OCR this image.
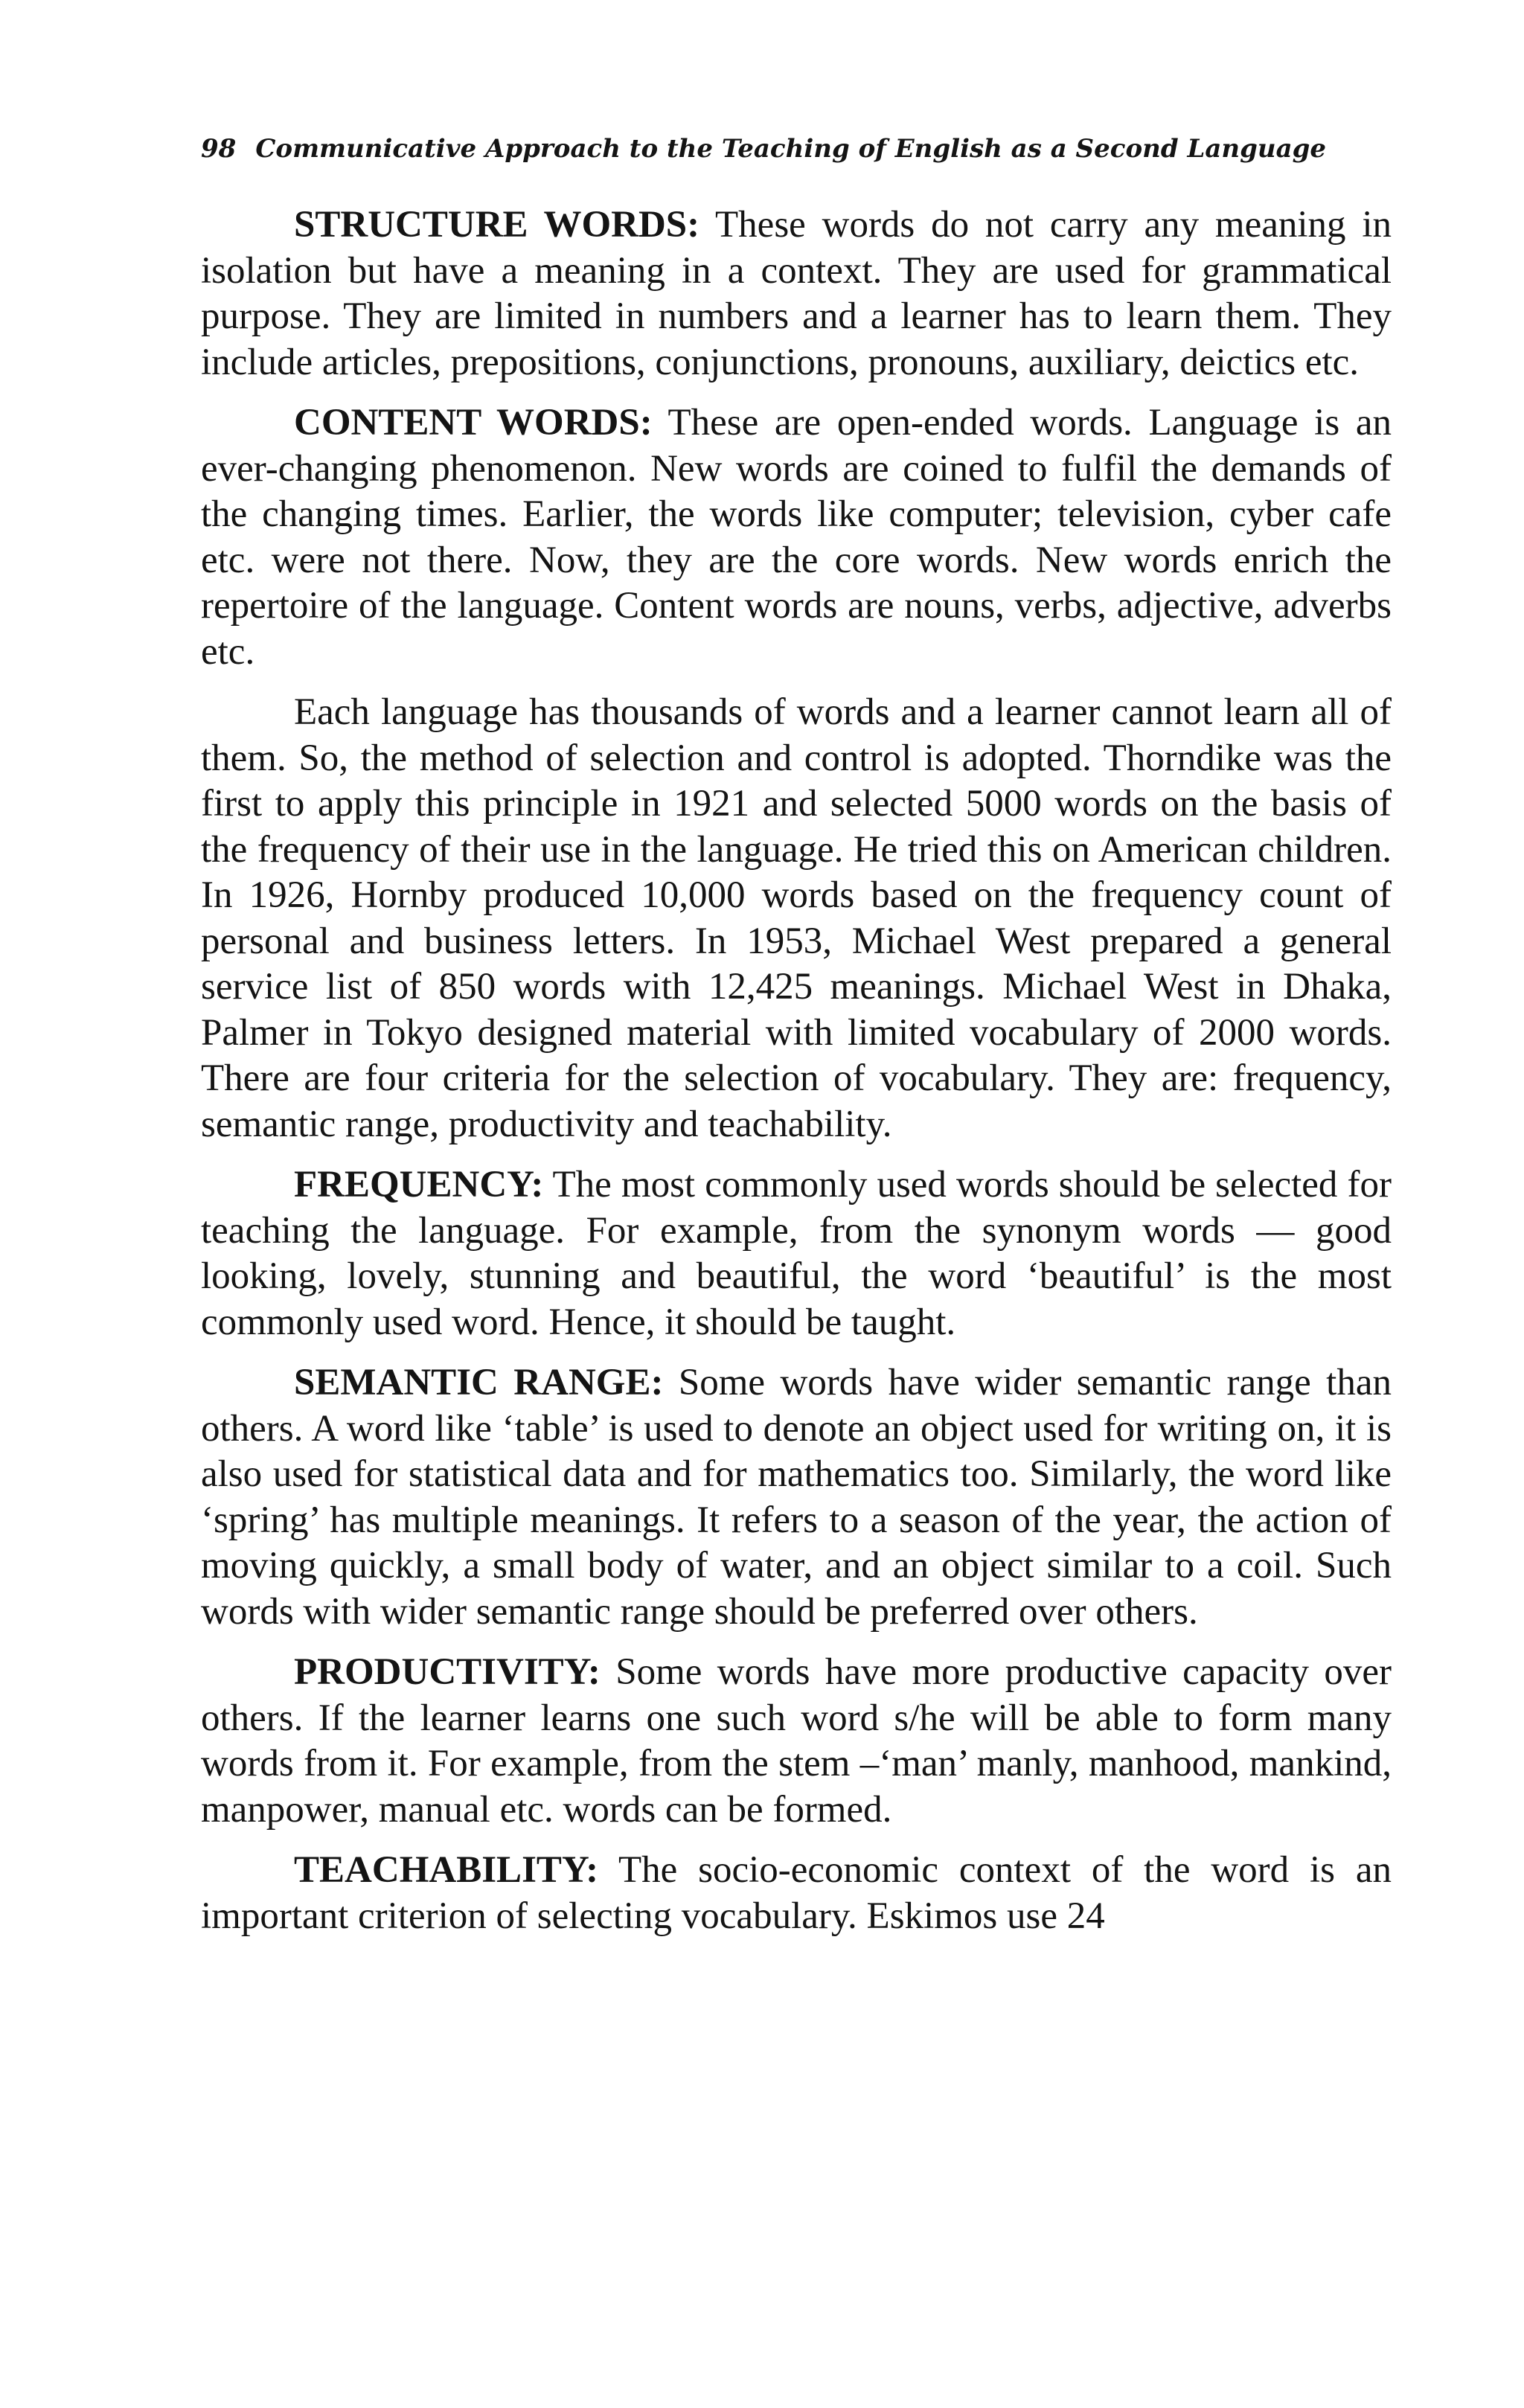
98 Communicative Approach to the Teaching of English as a Second Language

STRUCTURE WORDS: These words do not carry any meaning in isolation but have a meaning in a context. They are used for grammatical purpose. They are limited in numbers and a learner has to learn them. They include articles, prepositions, conjunctions, pronouns, auxiliary, deictics etc.

CONTENT WORDS: These are open-ended words. Language is an ever-changing phenomenon. New words are coined to fulfil the demands of the changing times. Earlier, the words like computer; television, cyber cafe etc. were not there. Now, they are the core words. New words enrich the repertoire of the language. Content words are nouns, verbs, adjective, adverbs etc.

Each language has thousands of words and a learner cannot learn all of them. So, the method of selection and control is adopted. Thorndike was the first to apply this principle in 1921 and selected 5000 words on the basis of the frequency of their use in the language. He tried this on American children. In 1926, Hornby produced 10,000 words based on the frequency count of personal and business letters. In 1953, Michael West prepared a general service list of 850 words with 12,425 meanings. Michael West in Dhaka, Palmer in Tokyo designed material with limited vocabulary of 2000 words. There are four criteria for the selection of vocabulary. They are: frequency, semantic range, productivity and teachability.

FREQUENCY: The most commonly used words should be selected for teaching the language. For example, from the synonym words — good looking, lovely, stunning and beautiful, the word ‘beautiful’ is the most commonly used word. Hence, it should be taught.

SEMANTIC RANGE: Some words have wider semantic range than others. A word like ‘table’ is used to denote an object used for writing on, it is also used for statistical data and for mathematics too. Similarly, the word like ‘spring’ has multiple meanings. It refers to a season of the year, the action of moving quickly, a small body of water, and an object similar to a coil. Such words with wider semantic range should be preferred over others.

PRODUCTIVITY: Some words have more productive capacity over others. If the learner learns one such word s/he will be able to form many words from it. For example, from the stem –‘man’ manly, manhood, mankind, manpower, manual etc. words can be formed.

TEACHABILITY: The socio-economic context of the word is an important criterion of selecting vocabulary. Eskimos use 24
